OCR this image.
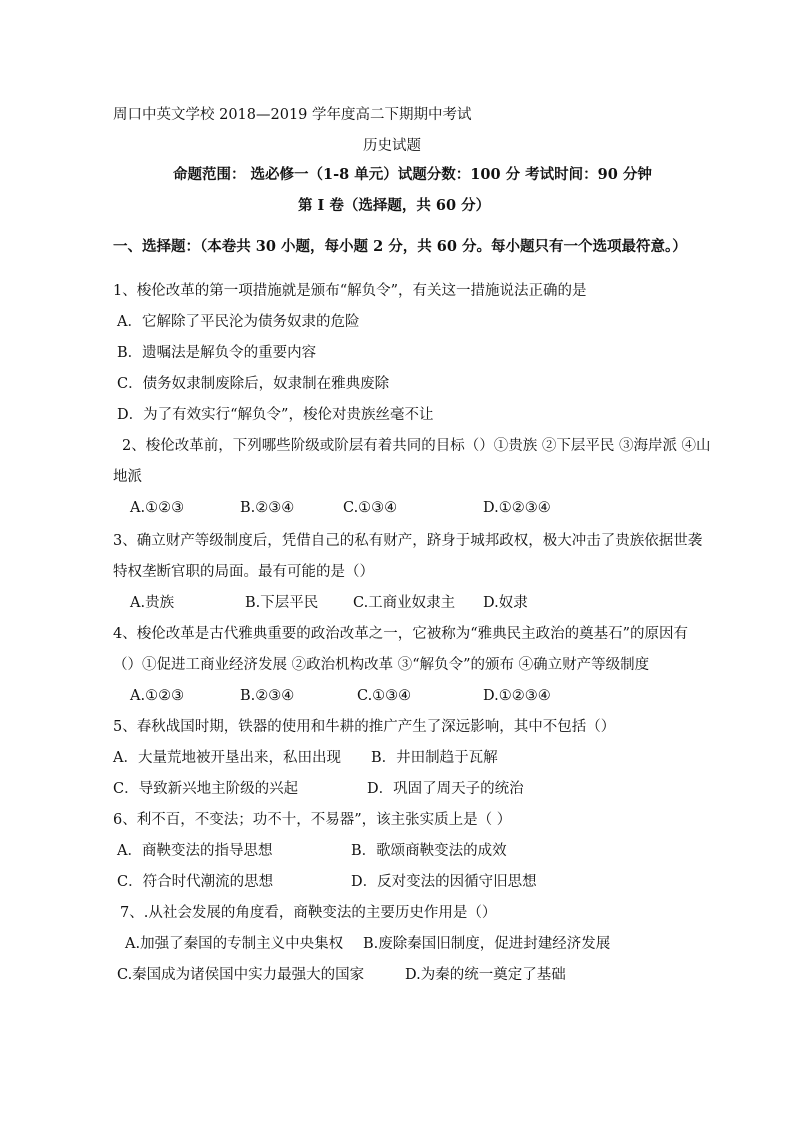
周口中英文学校 2018—2019 学年度高二下期期中考试
历史试题
命题范围： 选必修一（1-8 单元）试题分数：100 分 考试时间：90 分钟
第 I 卷（选择题，共 60 分）
一、选择题：（本卷共 30 小题，每小题 2 分，共 60 分。每小题只有一个选项最符意。）
1、梭伦改革的第一项措施就是颁布“解负令”，有关这一措施说法正确的是
A．它解除了平民沦为债务奴隶的危险
B．遗嘱法是解负令的重要内容
C．债务奴隶制废除后，奴隶制在雅典废除
D．为了有效实行“解负令”，梭伦对贵族丝毫不让
2、梭伦改革前，下列哪些阶级或阶层有着共同的目标（）①贵族 ②下层平民 ③海岸派 ④山
地派
A.①②③	B.②③④	C.①③④	D.①②③④
3、确立财产等级制度后，凭借自己的私有财产，跻身于城邦政权，极大冲击了贵族依据世袭
特权垄断官职的局面。最有可能的是（）
A.贵族	B.下层平民 C.工商业奴隶主 D.奴隶
4、梭伦改革是古代雅典重要的政治改革之一，它被称为“雅典民主政治的奠基石”的原因有
（）①促进工商业经济发展 ②政治机构改革 ③“解负令”的颁布 ④确立财产等级制度
A.①②③	B.②③④	C.①③④	D.①②③④
5、春秋战国时期，铁器的使用和牛耕的推广产生了深远影响，其中不包括（）
A．大量荒地被开垦出来，私田出现 B．井田制趋于瓦解
C．导致新兴地主阶级的兴起	D．巩固了周天子的统治
6、利不百，不变法；功不十，不易器”，该主张实质上是（ ）
A．商鞅变法的指导思想	B．歌颂商鞅变法的成效
C．符合时代潮流的思想	D．反对变法的因循守旧思想
7、.从社会发展的角度看，商鞅变法的主要历史作用是（）
A.加强了秦国的专制主义中央集权 B.废除秦国旧制度，促进封建经济发展
C.秦国成为诸侯国中实力最强大的国家	D.为秦的统一奠定了基础
